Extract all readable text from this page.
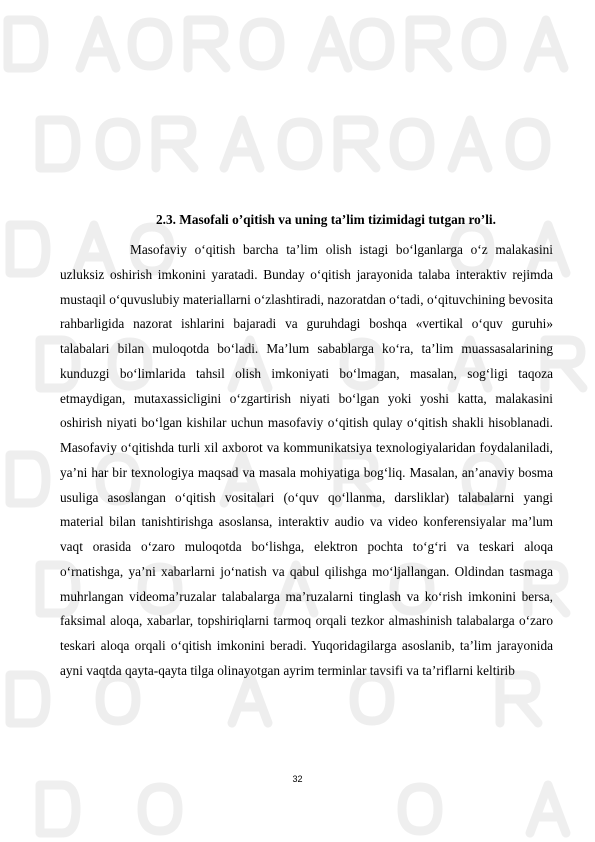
2.3. Masofali o’qitish va uning ta’lim tizimidagi tutgan ro’li.

Masofaviy o‘qitish barcha ta’lim olish istagi bo‘lganlarga o‘z malakasini uzluksiz oshirish imkonini yaratadi. Bunday o‘qitish jarayonida talaba interaktiv rejimda mustaqil o‘quvuslubiy materiallarni o‘zlashtiradi, nazoratdan o‘tadi, o‘qituvchining bevosita rahbarligida nazorat ishlarini bajaradi va guruhdagi boshqa «vertikal o‘quv guruhi» talabalari bilan muloqotda bo‘ladi. Ma’lum sabablarga ko‘ra, ta’lim muassasalarining kunduzgi bo‘limlarida tahsil olish imkoniyati bo‘lmagan, masalan, sog‘ligi taqoza etmaydigan, mutaxassicligini o‘zgartirish niyati bo‘lgan yoki yoshi katta, malakasini oshirish niyati bo‘lgan kishilar uchun masofaviy o‘qitish qulay o‘qitish shakli hisoblanadi. Masofaviy o‘qitishda turli xil axborot va kommunikatsiya texnologiyalaridan foydalaniladi, ya’ni har bir texnologiya maqsad va masala mohiyatiga bog‘liq. Masalan, an’anaviy bosma usuliga asoslangan o‘qitish vositalari (o‘quv qo‘llanma, darsliklar) talabalarni yangi material bilan tanishtirishga asoslansa, interaktiv audio va video konferensiyalar ma’lum vaqt orasida o‘zaro muloqotda bo‘lishga, elektron pochta to‘g‘ri va teskari aloqa o‘rnatishga, ya’ni xabarlarni jo‘natish va qabul qilishga mo‘ljallangan. Oldindan tasmaga muhrlangan videoma’ruzalar talabalarga ma’ruzalarni tinglash va ko‘rish imkonini bersa, faksimal aloqa, xabarlar, topshiriqlarni tarmoq orqali tezkor almashinish talabalarga o‘zaro teskari aloqa orqali o‘qitish imkonini beradi. Yuqoridagilarga asoslanib, ta’lim jarayonida ayni vaqtda qayta-qayta tilga olinayotgan ayrim terminlar tavsifi va ta’riflarni keltirib

32
